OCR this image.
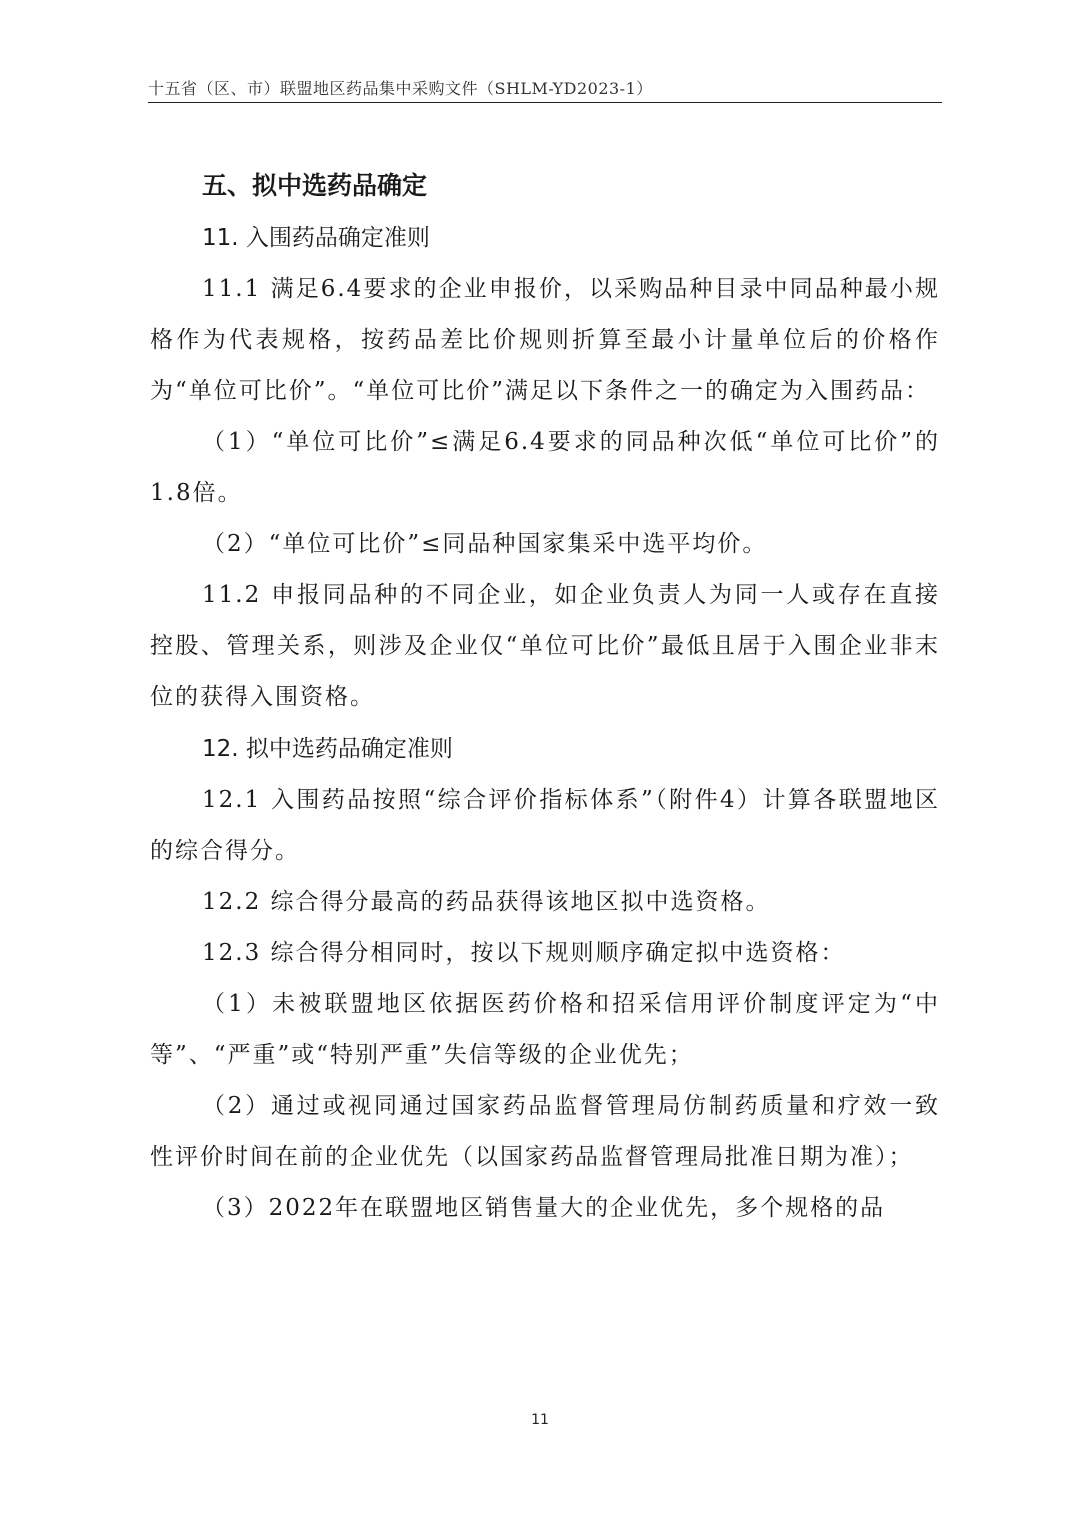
十五省（区、市）联盟地区药品集中采购文件（SHLM-YD2023-1）
五、拟中选药品确定
11. 入围药品确定准则

11.1 满足6.4要求的企业申报价，以采购品种目录中同品种最小规格作为代表规格，按药品差比价规则折算至最小计量单位后的价格作为“单位可比价”。“单位可比价”满足以下条件之一的确定为入围药品：

（1）“单位可比价”≤满足6.4要求的同品种次低“单位可比价”的1.8倍。

（2）“单位可比价”≤同品种国家集采中选平均价。

11.2 申报同品种的不同企业，如企业负责人为同一人或存在直接控股、管理关系，则涉及企业仅“单位可比价”最低且居于入围企业非末位的获得入围资格。

12. 拟中选药品确定准则

12.1 入围药品按照“综合评价指标体系”（附件4）计算各联盟地区的综合得分。

12.2 综合得分最高的药品获得该地区拟中选资格。

12.3 综合得分相同时，按以下规则顺序确定拟中选资格：

（1）未被联盟地区依据医药价格和招采信用评价制度评定为“中等”、“严重”或“特别严重”失信等级的企业优先；

（2）通过或视同通过国家药品监督管理局仿制药质量和疗效一致性评价时间在前的企业优先（以国家药品监督管理局批准日期为准）；

（3）2022年在联盟地区销售量大的企业优先，多个规格的品

11
